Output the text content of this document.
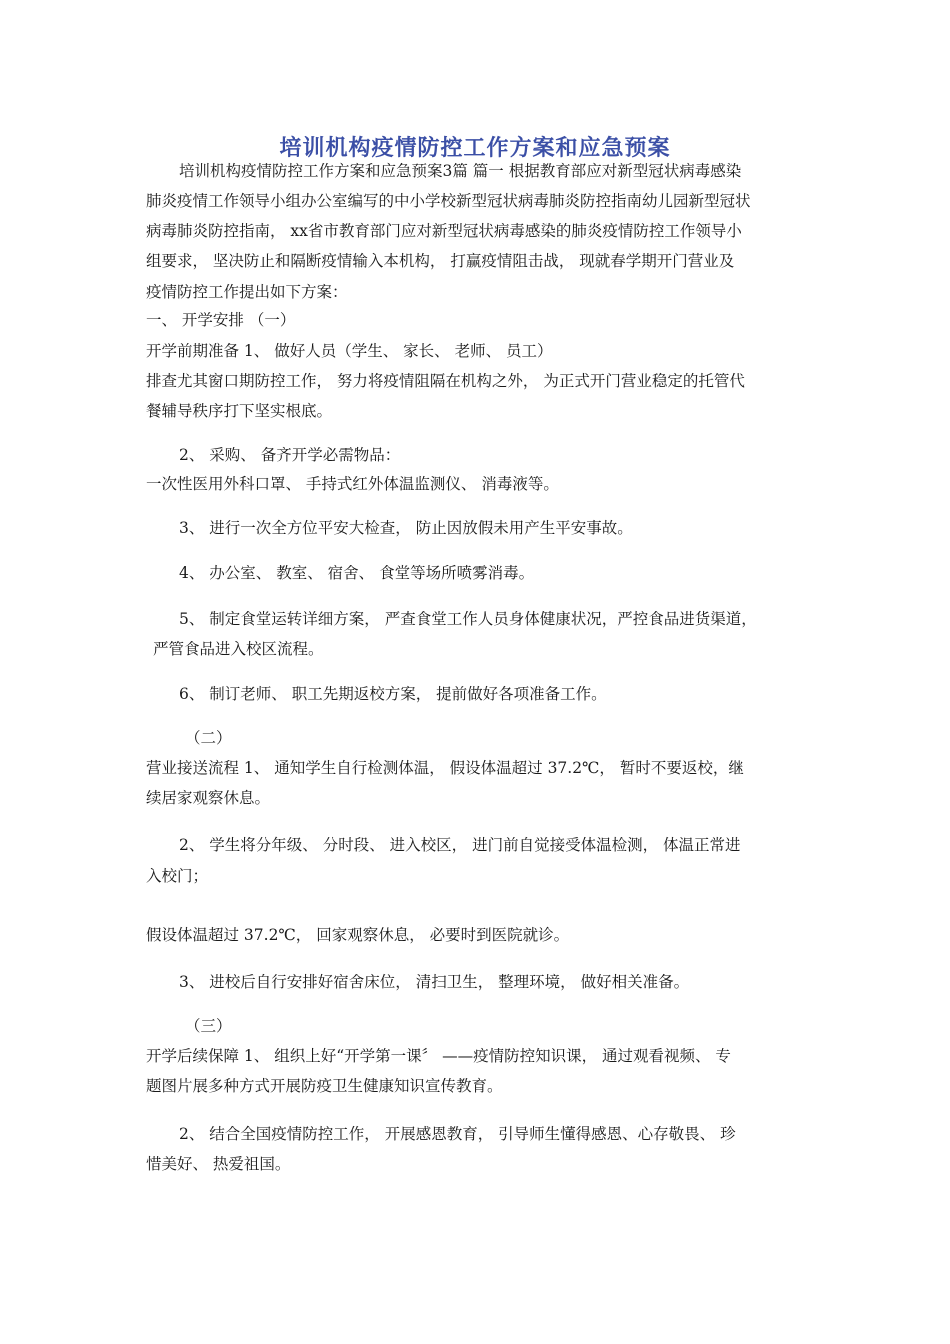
培训机构疫情防控工作方案和应急预案

培训机构疫情防控工作方案和应急预案3篇 篇一 根据教育部应对新型冠状病毒感染

肺炎疫情工作领导小组办公室编写的中小学校新型冠状病毒肺炎防控指南幼儿园新型冠状

病毒肺炎防控指南， xx省市教育部门应对新型冠状病毒感染的肺炎疫情防控工作领导小

组要求， 坚决防止和隔断疫情输入本机构， 打赢疫情阻击战， 现就春学期开门营业及

疫情防控工作提出如下方案：

一、 开学安排 （一）

开学前期准备 1、 做好人员（学生、 家长、 老师、 员工）

排查尤其窗口期防控工作， 努力将疫情阻隔在机构之外， 为正式开门营业稳定的托管代

餐辅导秩序打下坚实根底。

2、 采购、 备齐开学必需物品：

一次性医用外科口罩、 手持式红外体温监测仪、 消毒液等。

3、 进行一次全方位平安大检查， 防止因放假未用产生平安事故。

4、 办公室、 教室、 宿舍、 食堂等场所喷雾消毒。

5、 制定食堂运转详细方案， 严查食堂工作人员身体健康状况，严控食品进货渠道，

严管食品进入校区流程。

6、 制订老师、 职工先期返校方案， 提前做好各项准备工作。

（二）

营业接送流程 1、 通知学生自行检测体温， 假设体温超过 37.2℃， 暂时不要返校，继

续居家观察休息。

2、 学生将分年级、 分时段、 进入校区， 进门前自觉接受体温检测， 体温正常进

入校门；

假设体温超过 37.2℃， 回家观察休息， 必要时到医院就诊。

3、 进校后自行安排好宿舍床位， 清扫卫生， 整理环境， 做好相关准备。

（三）

开学后续保障 1、 组织上好“开学第一课〞 ——疫情防控知识课， 通过观看视频、 专

题图片展多种方式开展防疫卫生健康知识宣传教育。

2、 结合全国疫情防控工作， 开展感恩教育， 引导师生懂得感恩、心存敬畏、 珍

惜美好、 热爱祖国。
